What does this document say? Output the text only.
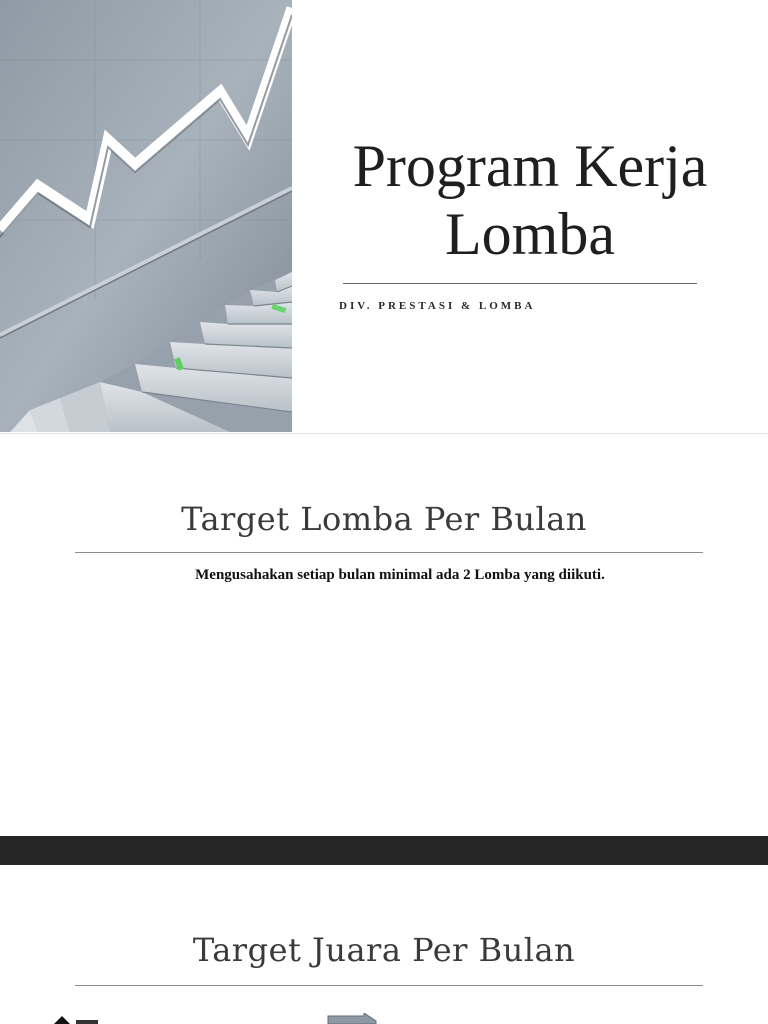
Program Kerja Lomba

DIV. PRESTASI & LOMBA

Target Lomba Per Bulan

Mengusahakan setiap bulan minimal ada 2 Lomba yang diikuti.

Target Juara Per Bulan
